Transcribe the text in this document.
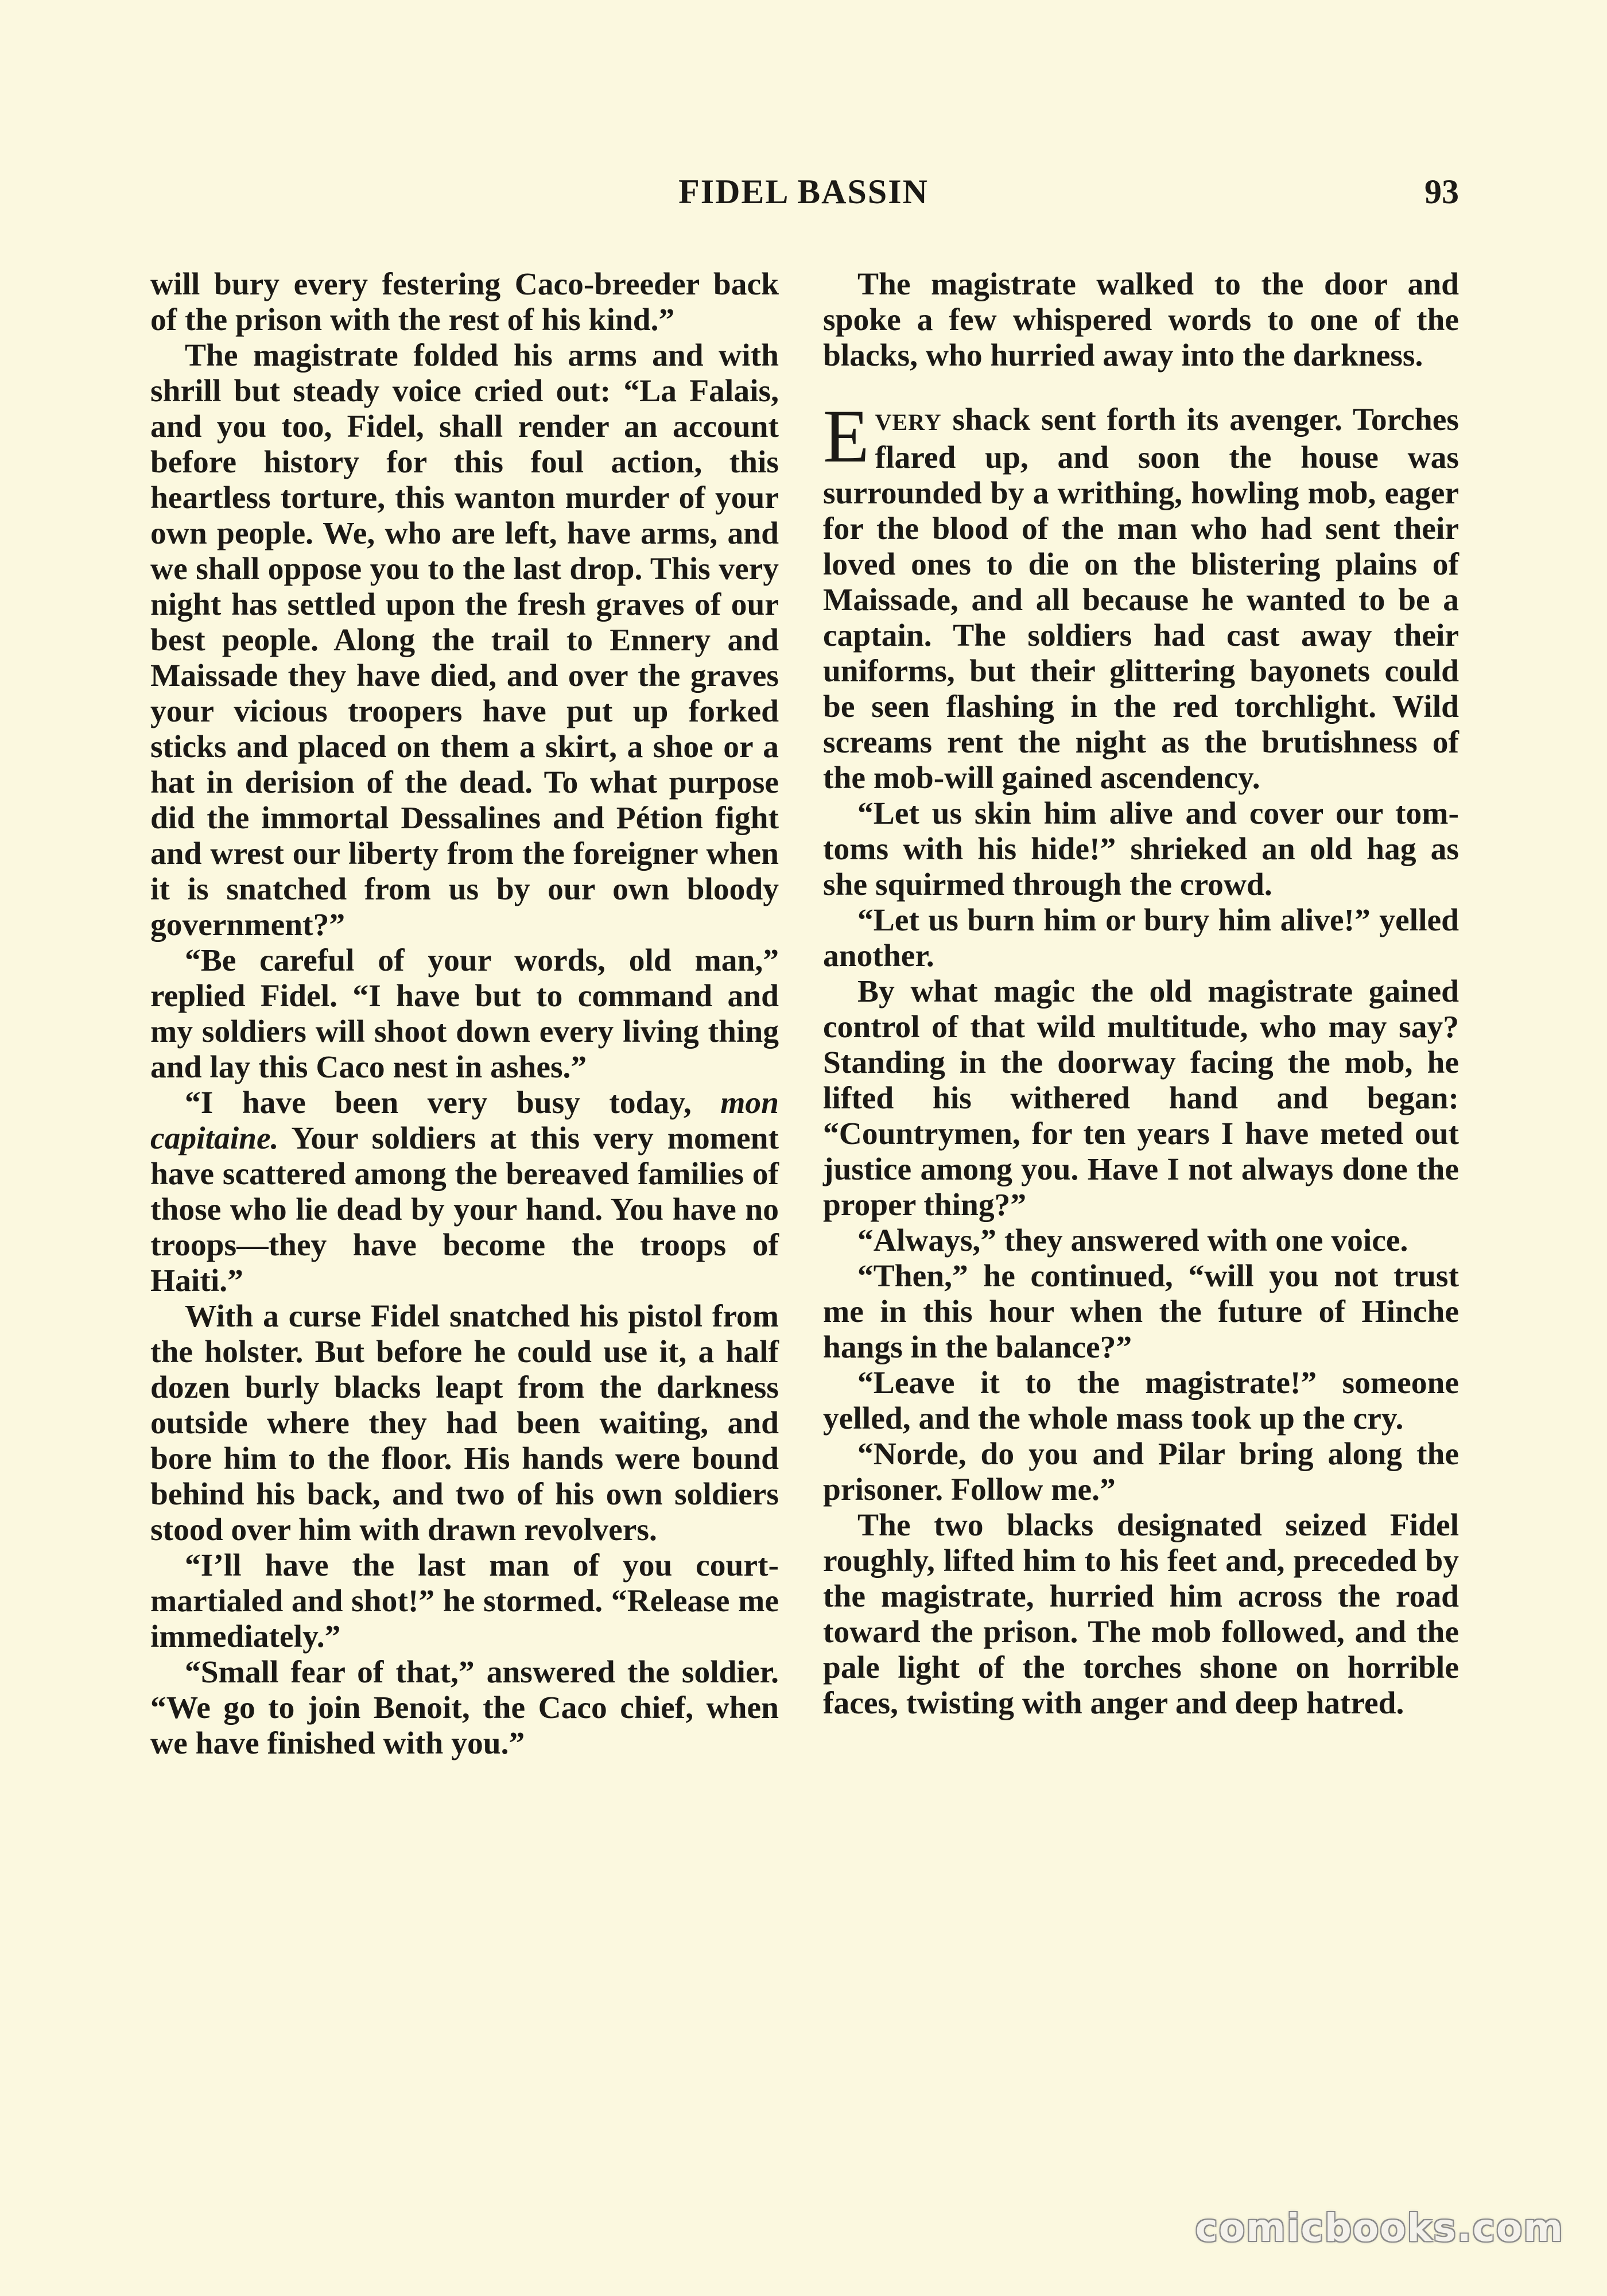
FIDEL BASSIN	93

will bury every festering Caco-breeder back of the prison with the rest of his kind.”

The magistrate folded his arms and with shrill but steady voice cried out: “La Falais, and you too, Fidel, shall render an account before history for this foul action, this heartless torture, this wanton murder of your own people. We, who are left, have arms, and we shall oppose you to the last drop. This very night has settled upon the fresh graves of our best people. Along the trail to Ennery and Maissade they have died, and over the graves your vicious troopers have put up forked sticks and placed on them a skirt, a shoe or a hat in derision of the dead. To what purpose did the immortal Dessalines and Pétion fight and wrest our liberty from the foreigner when it is snatched from us by our own bloody government?”

“Be careful of your words, old man,” replied Fidel. “I have but to command and my soldiers will shoot down every living thing and lay this Caco nest in ashes.”

“I have been very busy today, mon capitaine. Your soldiers at this very moment have scattered among the bereaved families of those who lie dead by your hand. You have no troops—they have become the troops of Haiti.”

With a curse Fidel snatched his pistol from the holster. But before he could use it, a half dozen burly blacks leapt from the darkness outside where they had been waiting, and bore him to the floor. His hands were bound behind his back, and two of his own soldiers stood over him with drawn revolvers.

“I’ll have the last man of you court-martialed and shot!” he stormed. “Release me immediately.”

“Small fear of that,” answered the soldier. “We go to join Benoit, the Caco chief, when we have finished with you.”

The magistrate walked to the door and spoke a few whispered words to one of the blacks, who hurried away into the darkness.

EVERY shack sent forth its avenger. Torches flared up, and soon the house was surrounded by a writhing, howling mob, eager for the blood of the man who had sent their loved ones to die on the blistering plains of Maissade, and all because he wanted to be a captain. The soldiers had cast away their uniforms, but their glittering bayonets could be seen flashing in the red torchlight. Wild screams rent the night as the brutishness of the mob-will gained ascendency.

“Let us skin him alive and cover our tom-toms with his hide!” shrieked an old hag as she squirmed through the crowd.

“Let us burn him or bury him alive!” yelled another.

By what magic the old magistrate gained control of that wild multitude, who may say? Standing in the doorway facing the mob, he lifted his withered hand and began: “Countrymen, for ten years I have meted out justice among you. Have I not always done the proper thing?”

“Always,” they answered with one voice.

“Then,” he continued, “will you not trust me in this hour when the future of Hinche hangs in the balance?”

“Leave it to the magistrate!” someone yelled, and the whole mass took up the cry.

“Norde, do you and Pilar bring along the prisoner. Follow me.”

The two blacks designated seized Fidel roughly, lifted him to his feet and, preceded by the magistrate, hurried him across the road toward the prison. The mob followed, and the pale light of the torches shone on horrible faces, twisting with anger and deep hatred.

comicbooks.com
